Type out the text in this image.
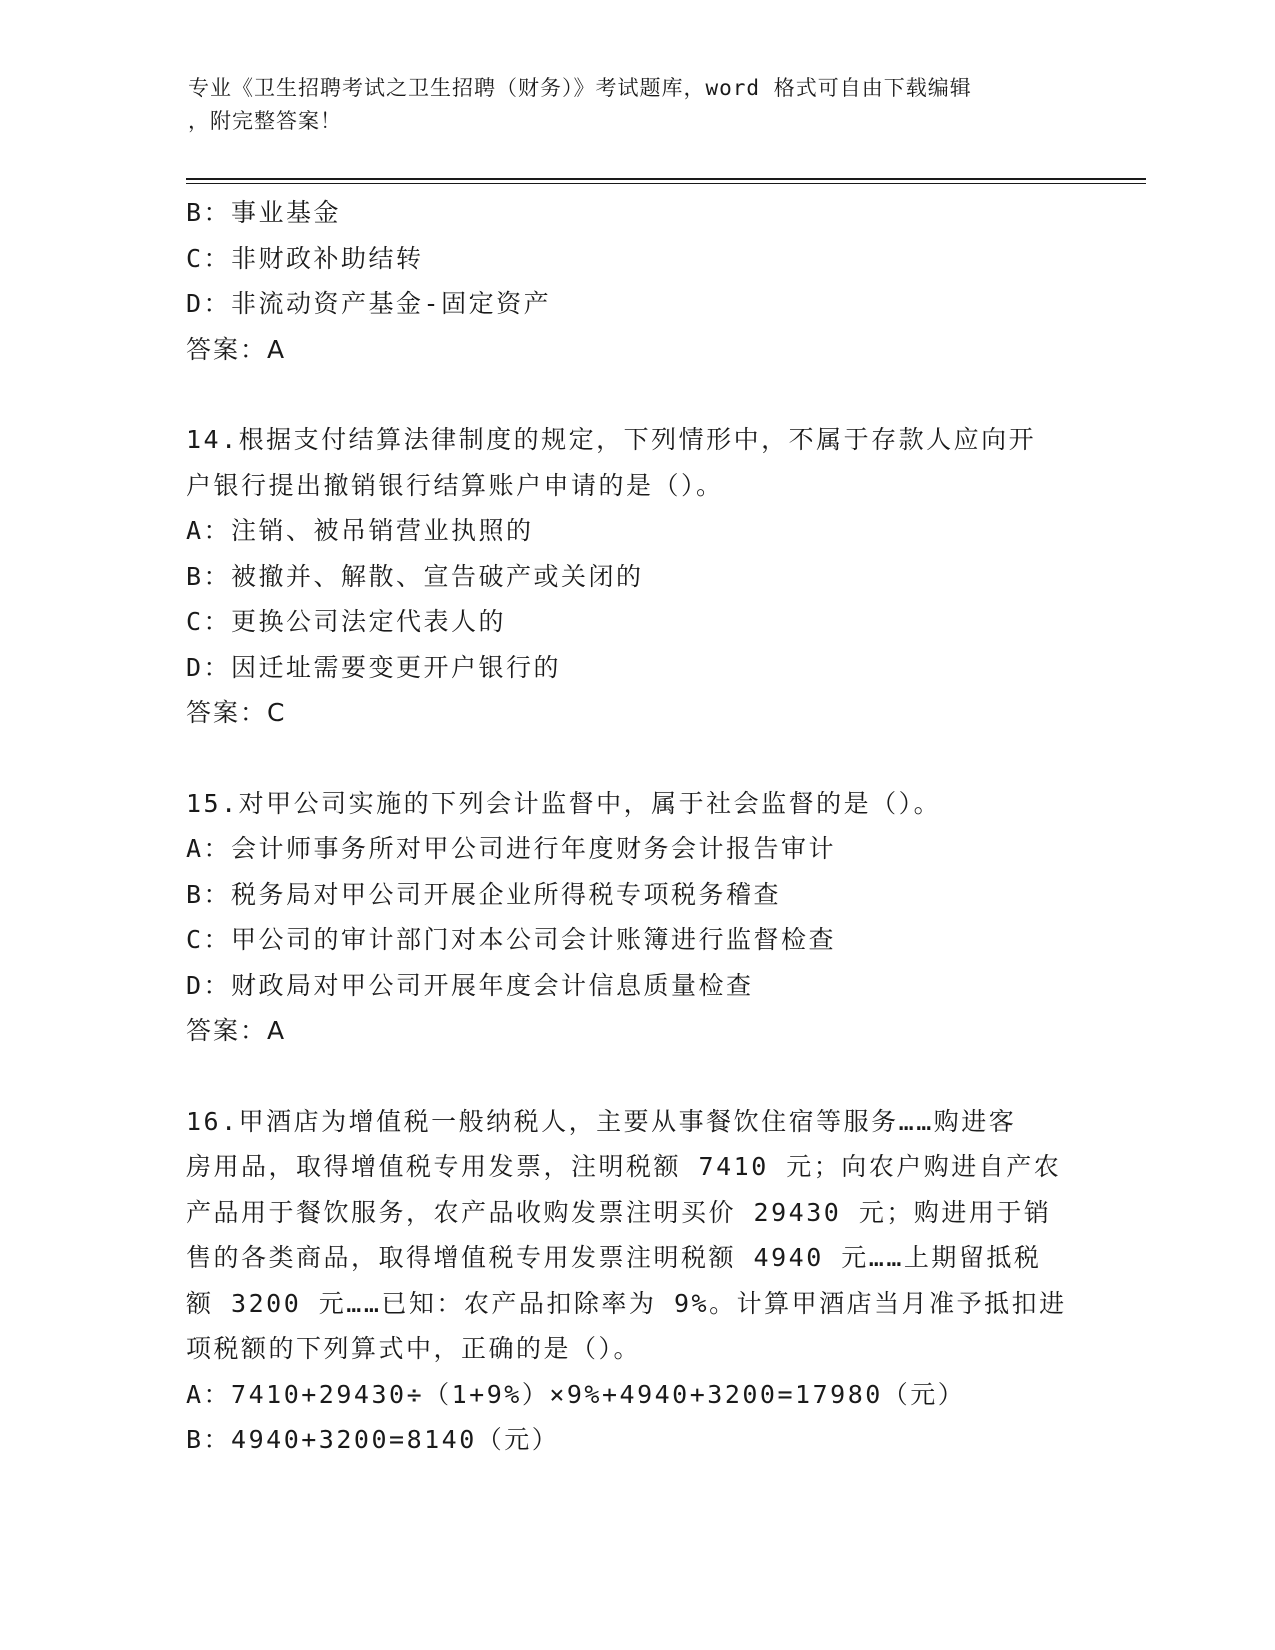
专业《卫生招聘考试之卫生招聘（财务）》考试题库，word 格式可自由下载编辑
，附完整答案！
B：事业基金
C：非财政补助结转
D：非流动资产基金-固定资产
答案：A
14.根据支付结算法律制度的规定，下列情形中，不属于存款人应向开
户银行提出撤销银行结算账户申请的是（）。
A：注销、被吊销营业执照的
B：被撤并、解散、宣告破产或关闭的
C：更换公司法定代表人的
D：因迁址需要变更开户银行的
答案：C
15.对甲公司实施的下列会计监督中，属于社会监督的是（）。
A：会计师事务所对甲公司进行年度财务会计报告审计
B：税务局对甲公司开展企业所得税专项税务稽查
C：甲公司的审计部门对本公司会计账簿进行监督检查
D：财政局对甲公司开展年度会计信息质量检查
答案：A
16.甲酒店为增值税一般纳税人，主要从事餐饮住宿等服务……购进客
房用品，取得增值税专用发票，注明税额 7410 元；向农户购进自产农
产品用于餐饮服务，农产品收购发票注明买价 29430 元；购进用于销
售的各类商品，取得增值税专用发票注明税额 4940 元……上期留抵税
额 3200 元……已知：农产品扣除率为 9%。计算甲酒店当月准予抵扣进
项税额的下列算式中，正确的是（）。
A：7410+29430÷（1+9%）×9%+4940+3200=17980（元）
B：4940+3200=8140（元）
